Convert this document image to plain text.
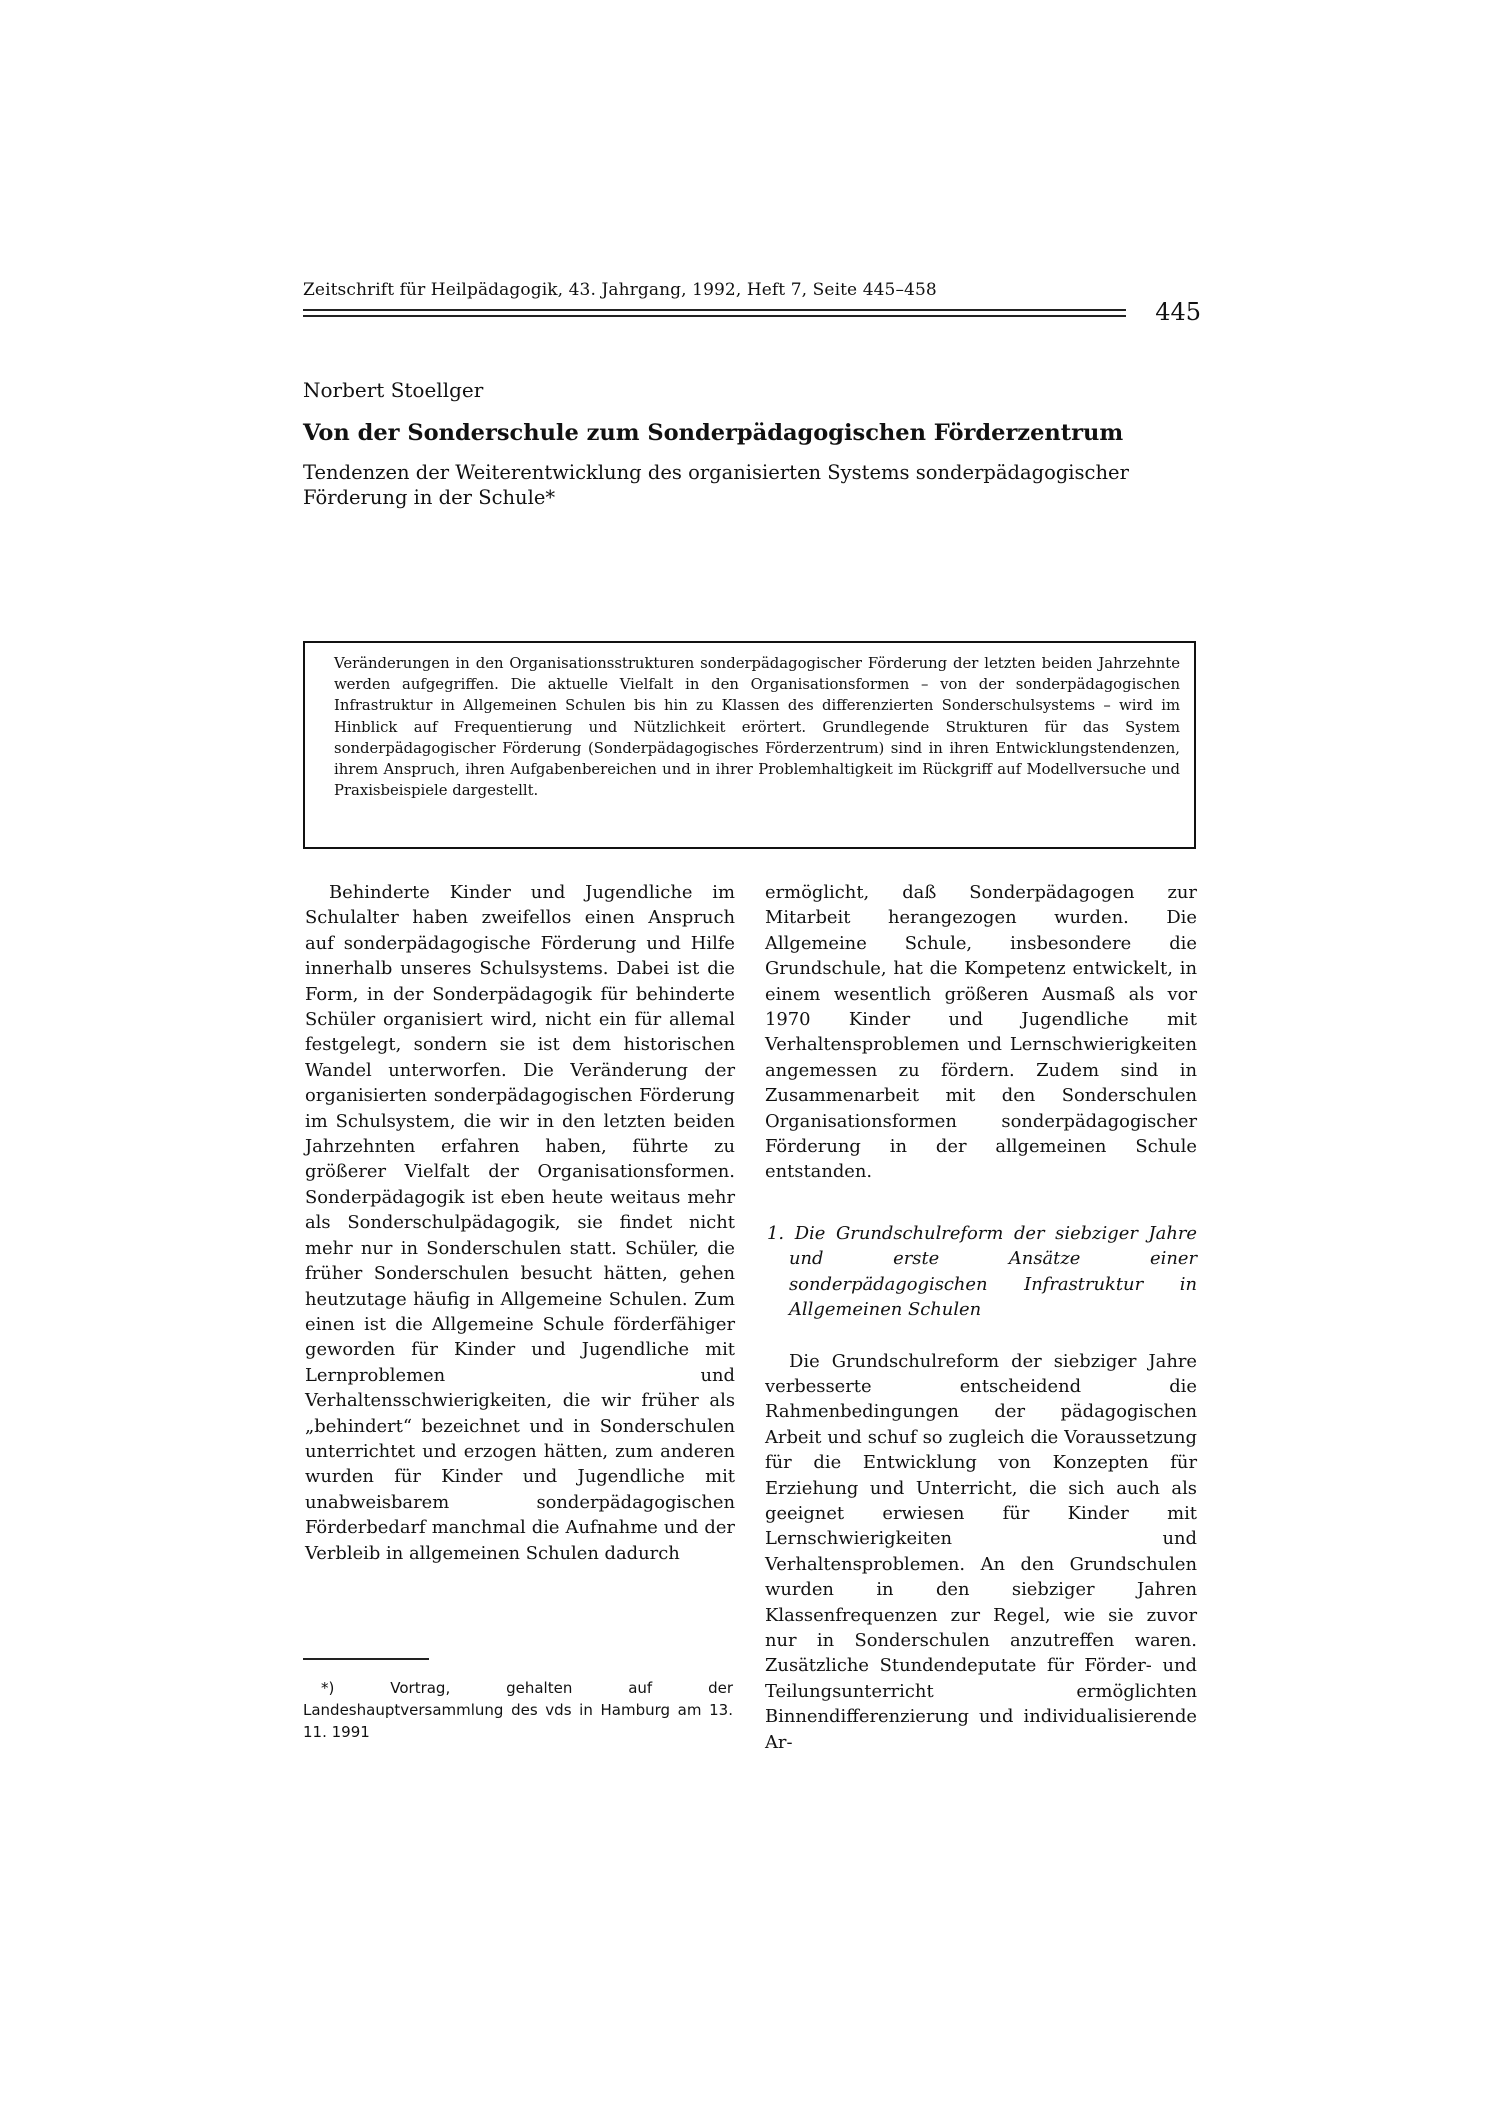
Zeitschrift für Heilpädagogik, 43. Jahrgang, 1992, Heft 7, Seite 445–458
445
Norbert Stoellger
Von der Sonderschule zum Sonderpädagogischen Förderzentrum
Tendenzen der Weiterentwicklung des organisierten Systems sonderpädagogischer Förderung in der Schule*
Veränderungen in den Organisationsstrukturen sonderpädagogischer Förderung der letzten beiden Jahrzehnte werden aufgegriffen. Die aktuelle Vielfalt in den Organisationsformen – von der sonderpädagogischen Infrastruktur in Allgemeinen Schulen bis hin zu Klassen des differenzierten Sonderschulsystems – wird im Hinblick auf Frequentierung und Nützlichkeit erörtert. Grundlegende Strukturen für das System sonderpädagogischer Förderung (Sonderpädagogisches Förderzentrum) sind in ihren Entwicklungstendenzen, ihrem Anspruch, ihren Aufgabenbereichen und in ihrer Problemhaltigkeit im Rückgriff auf Modellversuche und Praxisbeispiele dargestellt.

Behinderte Kinder und Jugendliche im Schulalter haben zweifellos einen Anspruch auf sonderpädagogische Förderung und Hilfe innerhalb unseres Schulsystems. Dabei ist die Form, in der Sonderpädagogik für behinderte Schüler organisiert wird, nicht ein für allemal festgelegt, sondern sie ist dem historischen Wandel unterworfen. Die Veränderung der organisierten sonderpädagogischen Förderung im Schulsystem, die wir in den letzten beiden Jahrzehnten erfahren haben, führte zu größerer Vielfalt der Organisationsformen. Sonderpädagogik ist eben heute weitaus mehr als Sonderschulpädagogik, sie findet nicht mehr nur in Sonderschulen statt. Schüler, die früher Sonderschulen besucht hätten, gehen heutzutage häufig in Allgemeine Schulen. Zum einen ist die Allgemeine Schule förderfähiger geworden für Kinder und Jugendliche mit Lernproblemen und Verhaltensschwierigkeiten, die wir früher als „behindert“ bezeichnet und in Sonderschulen unterrichtet und erzogen hätten, zum anderen wurden für Kinder und Jugendliche mit unabweisbarem sonderpädagogischen Förderbedarf manchmal die Aufnahme und der Verbleib in allgemeinen Schulen dadurch

ermöglicht, daß Sonderpädagogen zur Mitarbeit herangezogen wurden. Die Allgemeine Schule, insbesondere die Grundschule, hat die Kompetenz entwickelt, in einem wesentlich größeren Ausmaß als vor 1970 Kinder und Jugendliche mit Verhaltensproblemen und Lernschwierigkeiten angemessen zu fördern. Zudem sind in Zusammenarbeit mit den Sonderschulen Organisationsformen sonderpädagogischer Förderung in der allgemeinen Schule entstanden.

1. Die Grundschulreform der siebziger Jahre und erste Ansätze einer sonderpädagogischen Infrastruktur in Allgemeinen Schulen

Die Grundschulreform der siebziger Jahre verbesserte entscheidend die Rahmenbedingungen der pädagogischen Arbeit und schuf so zugleich die Voraussetzung für die Entwicklung von Konzepten für Erziehung und Unterricht, die sich auch als geeignet erwiesen für Kinder mit Lernschwierigkeiten und Verhaltensproblemen. An den Grundschulen wurden in den siebziger Jahren Klassenfrequenzen zur Regel, wie sie zuvor nur in Sonderschulen anzutreffen waren. Zusätzliche Stundendeputate für Förder- und Teilungsunterricht ermöglichten Binnendifferenzierung und individualisierende Ar-

*)	Vortrag, gehalten auf der Landeshauptversammlung des vds in Hamburg am 13. 11. 1991
